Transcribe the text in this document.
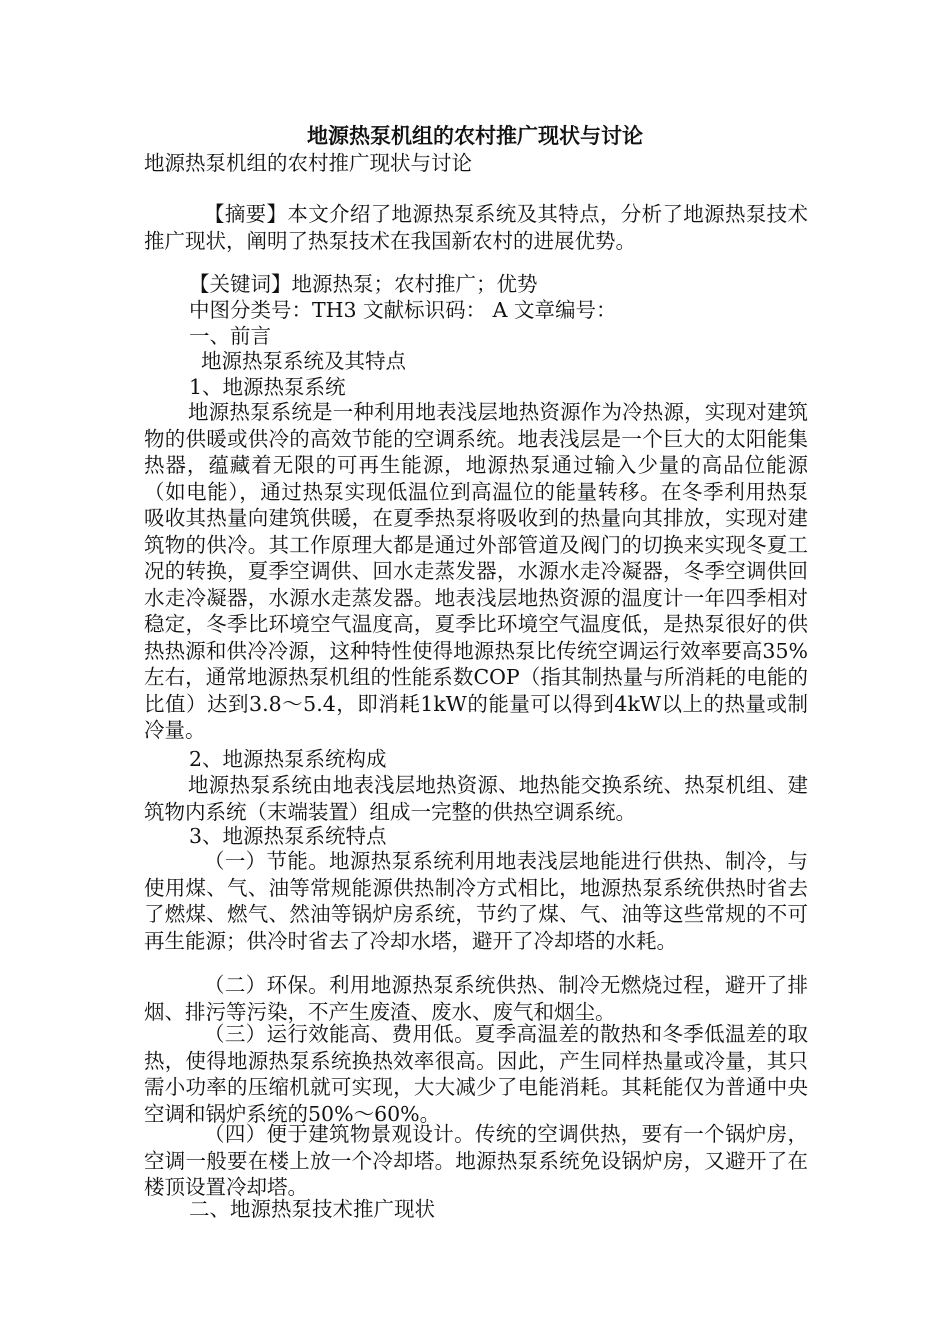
地源热泵机组的农村推广现状与讨论
地源热泵机组的农村推广现状与讨论
【摘要】本文介绍了地源热泵系统及其特点，分析了地源热泵技术推广现状，阐明了热泵技术在我国新农村的进展优势。
【关键词】地源热泵；农村推广；优势
中图分类号：TH3 文献标识码： A 文章编号：
一、前言
地源热泵系统及其特点
1、地源热泵系统
地源热泵系统是一种利用地表浅层地热资源作为冷热源，实现对建筑物的供暖或供冷的高效节能的空调系统。地表浅层是一个巨大的太阳能集热器，蕴藏着无限的可再生能源，地源热泵通过输入少量的高品位能源（如电能），通过热泵实现低温位到高温位的能量转移。在冬季利用热泵吸收其热量向建筑供暖，在夏季热泵将吸收到的热量向其排放，实现对建筑物的供冷。其工作原理大都是通过外部管道及阀门的切换来实现冬夏工况的转换，夏季空调供、回水走蒸发器，水源水走冷凝器，冬季空调供回水走冷凝器，水源水走蒸发器。地表浅层地热资源的温度计一年四季相对稳定，冬季比环境空气温度高，夏季比环境空气温度低，是热泵很好的供热热源和供冷冷源，这种特性使得地源热泵比传统空调运行效率要高35%左右，通常地源热泵机组的性能系数COP（指其制热量与所消耗的电能的比值）达到3.8～5.4，即消耗1kW的能量可以得到4kW以上的热量或制冷量。
2、地源热泵系统构成
地源热泵系统由地表浅层地热资源、地热能交换系统、热泵机组、建筑物内系统（末端装置）组成一完整的供热空调系统。
3、地源热泵系统特点
（一）节能。地源热泵系统利用地表浅层地能进行供热、制冷，与使用煤、气、油等常规能源供热制冷方式相比，地源热泵系统供热时省去了燃煤、燃气、然油等锅炉房系统，节约了煤、气、油等这些常规的不可再生能源；供冷时省去了冷却水塔，避开了冷却塔的水耗。
（二）环保。利用地源热泵系统供热、制冷无燃烧过程，避开了排烟、排污等污染，不产生废渣、废水、废气和烟尘。
（三）运行效能高、费用低。夏季高温差的散热和冬季低温差的取热，使得地源热泵系统换热效率很高。因此，产生同样热量或冷量，其只需小功率的压缩机就可实现，大大减少了电能消耗。其耗能仅为普通中央空调和锅炉系统的50%～60%。
（四）便于建筑物景观设计。传统的空调供热，要有一个锅炉房，空调一般要在楼上放一个冷却塔。地源热泵系统免设锅炉房，又避开了在楼顶设置冷却塔。
二、地源热泵技术推广现状
